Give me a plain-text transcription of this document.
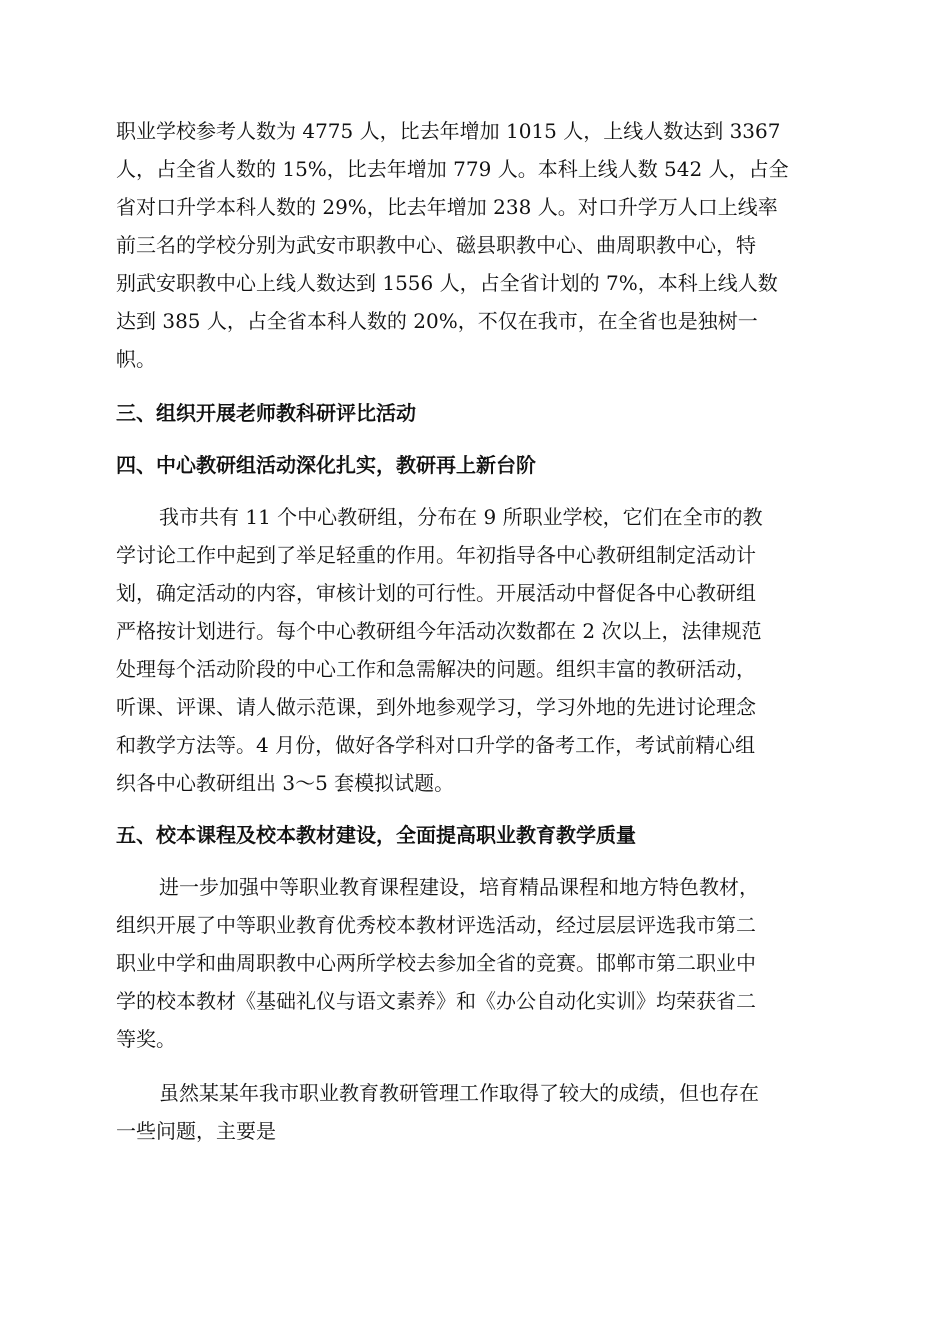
职业学校参考人数为 4775 人，比去年增加 1015 人，上线人数达到 3367
人，占全省人数的 15%，比去年增加 779 人。本科上线人数 542 人，占全
省对口升学本科人数的 29%，比去年增加 238 人。对口升学万人口上线率
前三名的学校分别为武安市职教中心、磁县职教中心、曲周职教中心，特
别武安职教中心上线人数达到 1556 人，占全省计划的 7%，本科上线人数
达到 385 人，占全省本科人数的 20%，不仅在我市，在全省也是独树一
帜。
三、组织开展老师教科研评比活动
四、中心教研组活动深化扎实，教研再上新台阶
我市共有 11 个中心教研组，分布在 9 所职业学校，它们在全市的教
学讨论工作中起到了举足轻重的作用。年初指导各中心教研组制定活动计
划，确定活动的内容，审核计划的可行性。开展活动中督促各中心教研组
严格按计划进行。每个中心教研组今年活动次数都在 2 次以上，法律规范
处理每个活动阶段的中心工作和急需解决的问题。组织丰富的教研活动，
听课、评课、请人做示范课，到外地参观学习，学习外地的先进讨论理念
和教学方法等。4 月份，做好各学科对口升学的备考工作，考试前精心组
织各中心教研组出 3～5 套模拟试题。
五、校本课程及校本教材建设，全面提高职业教育教学质量
进一步加强中等职业教育课程建设，培育精品课程和地方特色教材，
组织开展了中等职业教育优秀校本教材评选活动，经过层层评选我市第二
职业中学和曲周职教中心两所学校去参加全省的竞赛。邯郸市第二职业中
学的校本教材《基础礼仪与语文素养》和《办公自动化实训》均荣获省二
等奖。
虽然某某年我市职业教育教研管理工作取得了较大的成绩，但也存在
一些问题，主要是
